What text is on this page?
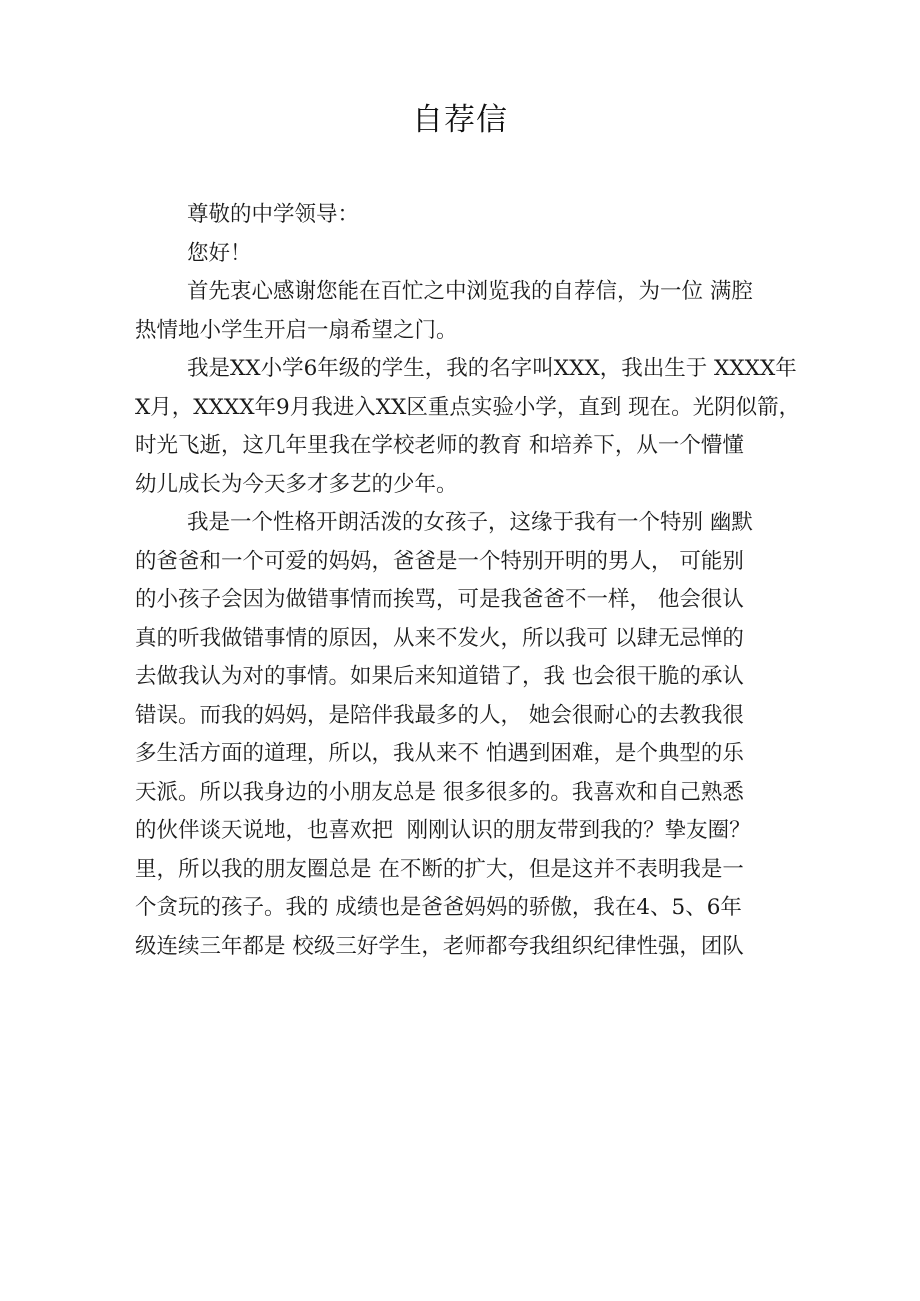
自荐信
尊敬的中学领导：
您好！
首先衷心感谢您能在百忙之中浏览我的自荐信，为一位 满腔
热情地小学生开启一扇希望之门。
我是XX小学6年级的学生，我的名字叫XXX，我出生于 XXXX年
X月，XXXX年9月我进入XX区重点实验小学，直到 现在。光阴似箭，
时光飞逝，这几年里我在学校老师的教育 和培养下，从一个懵懂
幼儿成长为今天多才多艺的少年。
我是一个性格开朗活泼的女孩子，这缘于我有一个特别 幽默
的爸爸和一个可爱的妈妈，爸爸是一个特别开明的男人， 可能别
的小孩子会因为做错事情而挨骂，可是我爸爸不一样， 他会很认
真的听我做错事情的原因，从来不发火，所以我可 以肆无忌惮的
去做我认为对的事情。如果后来知道错了，我 也会很干脆的承认
错误。而我的妈妈，是陪伴我最多的人， 她会很耐心的去教我很
多生活方面的道理，所以，我从来不 怕遇到困难，是个典型的乐
天派。所以我身边的小朋友总是 很多很多的。我喜欢和自己熟悉
的伙伴谈天说地，也喜欢把  刚刚认识的朋友带到我的？挚友圈？
里，所以我的朋友圈总是 在不断的扩大，但是这并不表明我是一
个贪玩的孩子。我的 成绩也是爸爸妈妈的骄傲，我在4、5、6年
级连续三年都是 校级三好学生，老师都夸我组织纪律性强，团队
